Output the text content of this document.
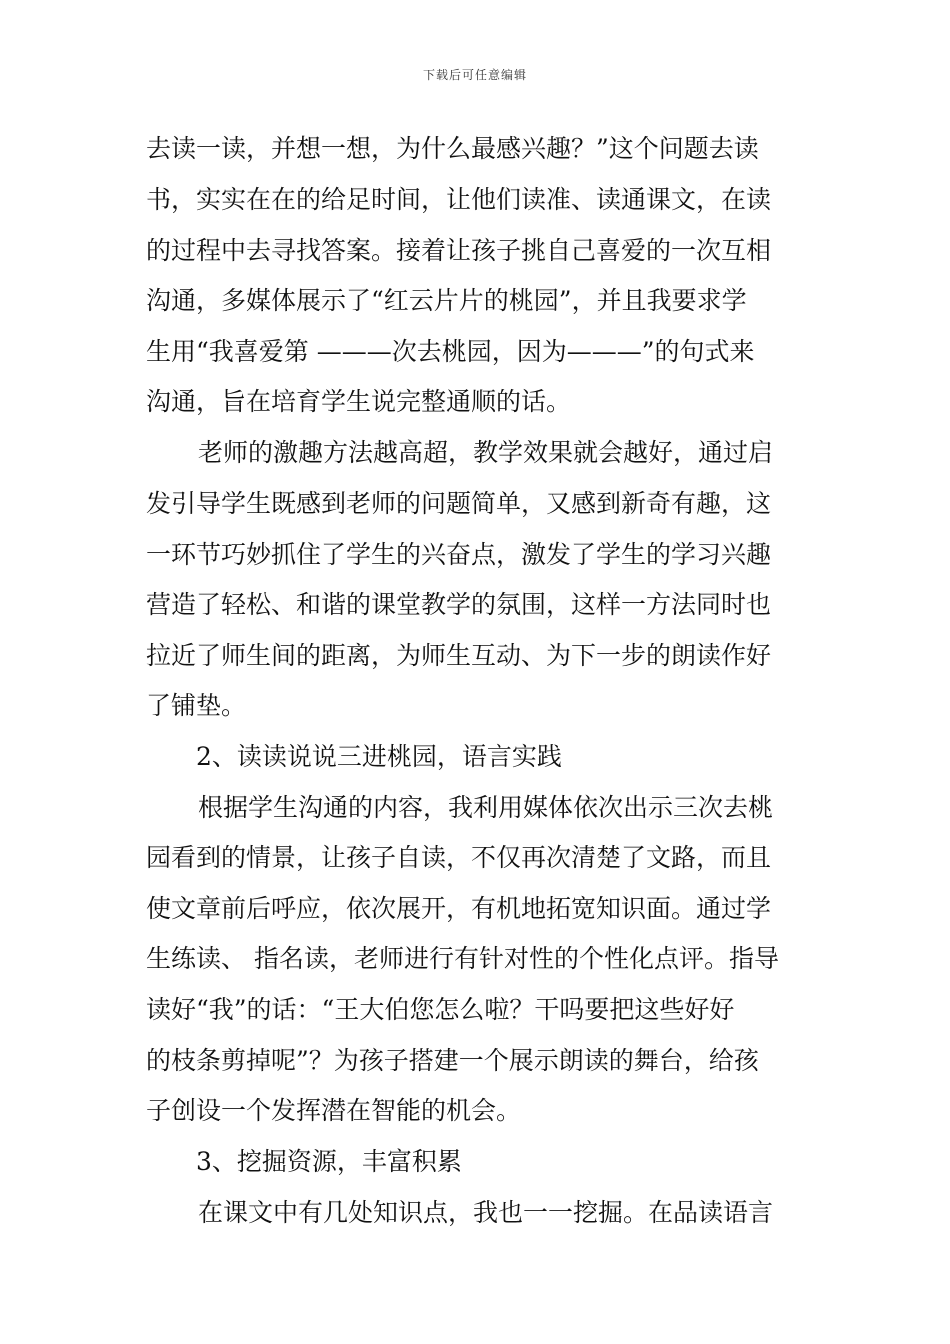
下载后可任意编辑
去读一读，并想一想，为什么最感兴趣？”这个问题去读
书，实实在在的给足时间，让他们读准、读通课文，在读
的过程中去寻找答案。接着让孩子挑自己喜爱的一次互相
沟通，多媒体展示了“红云片片的桃园”，并且我要求学
生用“我喜爱第 ———次去桃园，因为———”的句式来
沟通，旨在培育学生说完整通顺的话。
老师的激趣方法越高超，教学效果就会越好，通过启
发引导学生既感到老师的问题简单，又感到新奇有趣，这
一环节巧妙抓住了学生的兴奋点，激发了学生的学习兴趣
营造了轻松、和谐的课堂教学的氛围，这样一方法同时也
拉近了师生间的距离，为师生互动、为下一步的朗读作好
了铺垫。
2、读读说说三进桃园，语言实践
根据学生沟通的内容，我利用媒体依次出示三次去桃
园看到的情景，让孩子自读，不仅再次清楚了文路，而且
使文章前后呼应，依次展开，有机地拓宽知识面。通过学
生练读、 指名读，老师进行有针对性的个性化点评。指导
读好“我”的话：“王大伯您怎么啦？干吗要把这些好好
的枝条剪掉呢”？为孩子搭建一个展示朗读的舞台，给孩
子创设一个发挥潜在智能的机会。
3、挖掘资源，丰富积累
在课文中有几处知识点，我也一一挖掘。在品读语言
